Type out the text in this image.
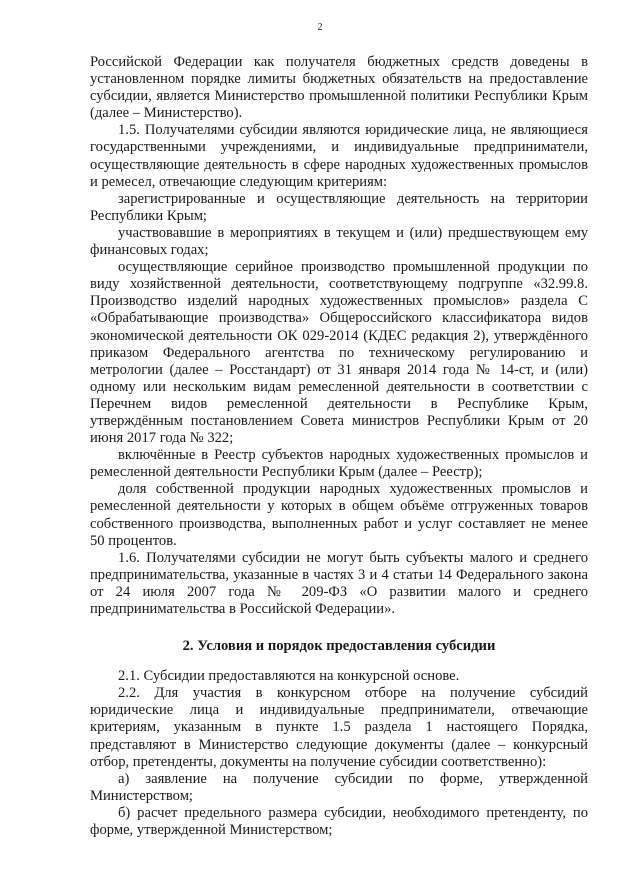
2

Российской Федерации как получателя бюджетных средств доведены в установленном порядке лимиты бюджетных обязательств на предоставление субсидии, является Министерство промышленной политики Республики Крым (далее – Министерство).

1.5. Получателями субсидии являются юридические лица, не являющиеся государственными учреждениями, и индивидуальные предприниматели, осуществляющие деятельность в сфере народных художественных промыслов и ремесел, отвечающие следующим критериям:

зарегистрированные и осуществляющие деятельность на территории Республики Крым;

участвовавшие в мероприятиях в текущем и (или) предшествующем ему финансовых годах;

осуществляющие серийное производство промышленной продукции по виду хозяйственной деятельности, соответствующему подгруппе «32.99.8. Производство изделий народных художественных промыслов» раздела С «Обрабатывающие производства» Общероссийского классификатора видов экономической деятельности ОК 029-2014 (КДЕС редакция 2), утверждённого приказом Федерального агентства по техническому регулированию и метрологии (далее – Росстандарт) от 31 января 2014 года № 14-ст, и (или) одному или нескольким видам ремесленной деятельности в соответствии с Перечнем видов ремесленной деятельности в Республике Крым, утверждённым постановлением Совета министров Республики Крым от 20 июня 2017 года № 322;

включённые в Реестр субъектов народных художественных промыслов и ремесленной деятельности Республики Крым (далее – Реестр);

доля собственной продукции народных художественных промыслов и ремесленной деятельности у которых в общем объёме отгруженных товаров собственного производства, выполненных работ и услуг составляет не менее 50 процентов.

1.6. Получателями субсидии не могут быть субъекты малого и среднего предпринимательства, указанные в частях 3 и 4 статьи 14 Федерального закона от 24 июля 2007 года № 209-ФЗ «О развитии малого и среднего предпринимательства в Российской Федерации».

2. Условия и порядок предоставления субсидии

2.1. Субсидии предоставляются на конкурсной основе.

2.2. Для участия в конкурсном отборе на получение субсидий юридические лица и индивидуальные предприниматели, отвечающие критериям, указанным в пункте 1.5 раздела 1 настоящего Порядка, представляют в Министерство следующие документы (далее – конкурсный отбор, претенденты, документы на получение субсидии соответственно):

а) заявление на получение субсидии по форме, утвержденной Министерством;

б) расчет предельного размера субсидии, необходимого претенденту, по форме, утвержденной Министерством;
